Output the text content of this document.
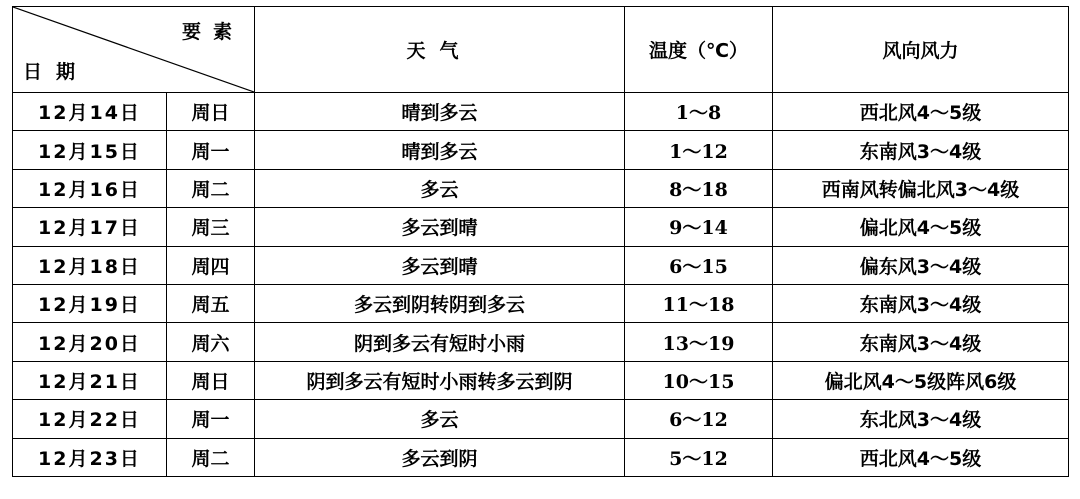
要素
日期		天气	温度（℃）	风向风力
12月14日	周日	晴到多云	1～8	西北风4～5级
12月15日	周一	晴到多云	1～12	东南风3～4级
12月16日	周二	多云	8～18	西南风转偏北风3～4级
12月17日	周三	多云到晴	9～14	偏北风4～5级
12月18日	周四	多云到晴	6～15	偏东风3～4级
12月19日	周五	多云到阴转阴到多云	11～18	东南风3～4级
12月20日	周六	阴到多云有短时小雨	13～19	东南风3～4级
12月21日	周日	阴到多云有短时小雨转多云到阴	10～15	偏北风4～5级阵风6级
12月22日	周一	多云	6～12	东北风3～4级
12月23日	周二	多云到阴	5～12	西北风4～5级
